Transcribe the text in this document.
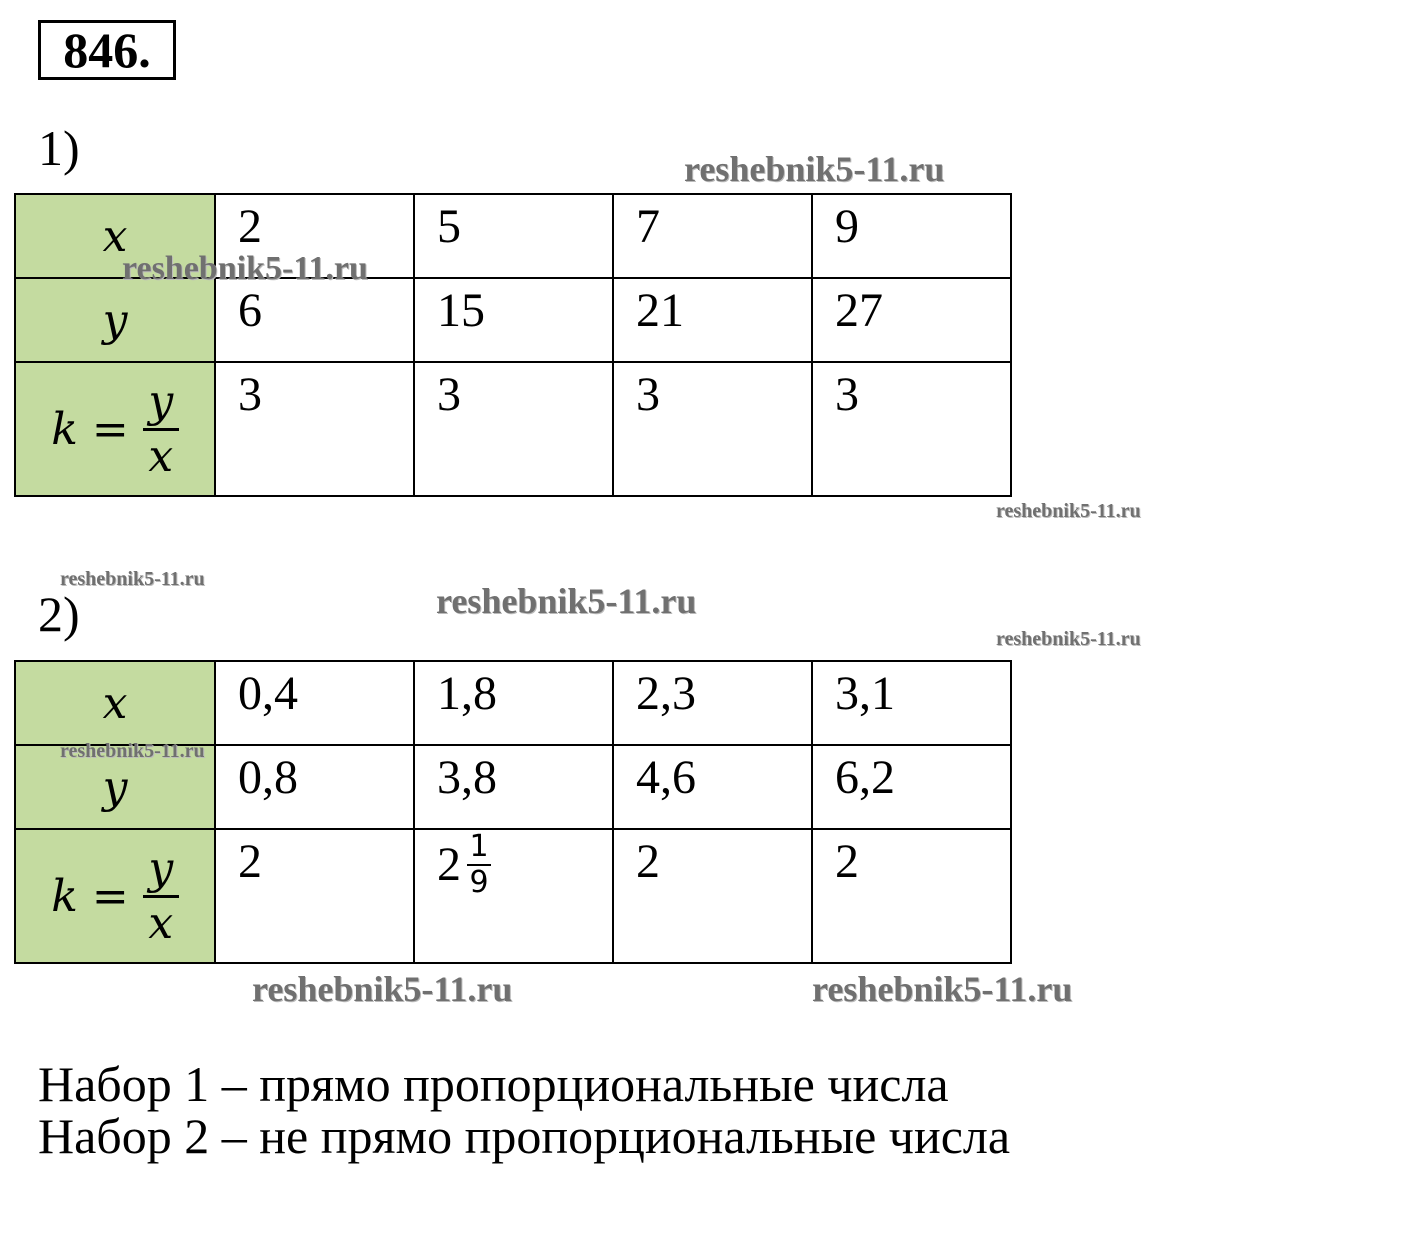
846.
1)
x	2	5	7	9
y	6	15	21	27

$k = \frac{y}{x}$	3	3	3	3
2)
x	0,4	1,8	2,3	3,1
y	0,8	3,8	4,6	6,2

$k = \frac{y}{x}$	2	$2 \frac{1}{9}$	2	2
reshebnik5-11.ru
reshebnik5-11.ru
reshebnik5-11.ru
reshebnik5-11.ru
reshebnik5-11.ru
reshebnik5-11.ru
reshebnik5-11.ru
reshebnik5-11.ru	reshebnik5-11.ru
Набор 1 – прямо пропорциональные числа
Набор 2 – не прямо пропорциональные числа
